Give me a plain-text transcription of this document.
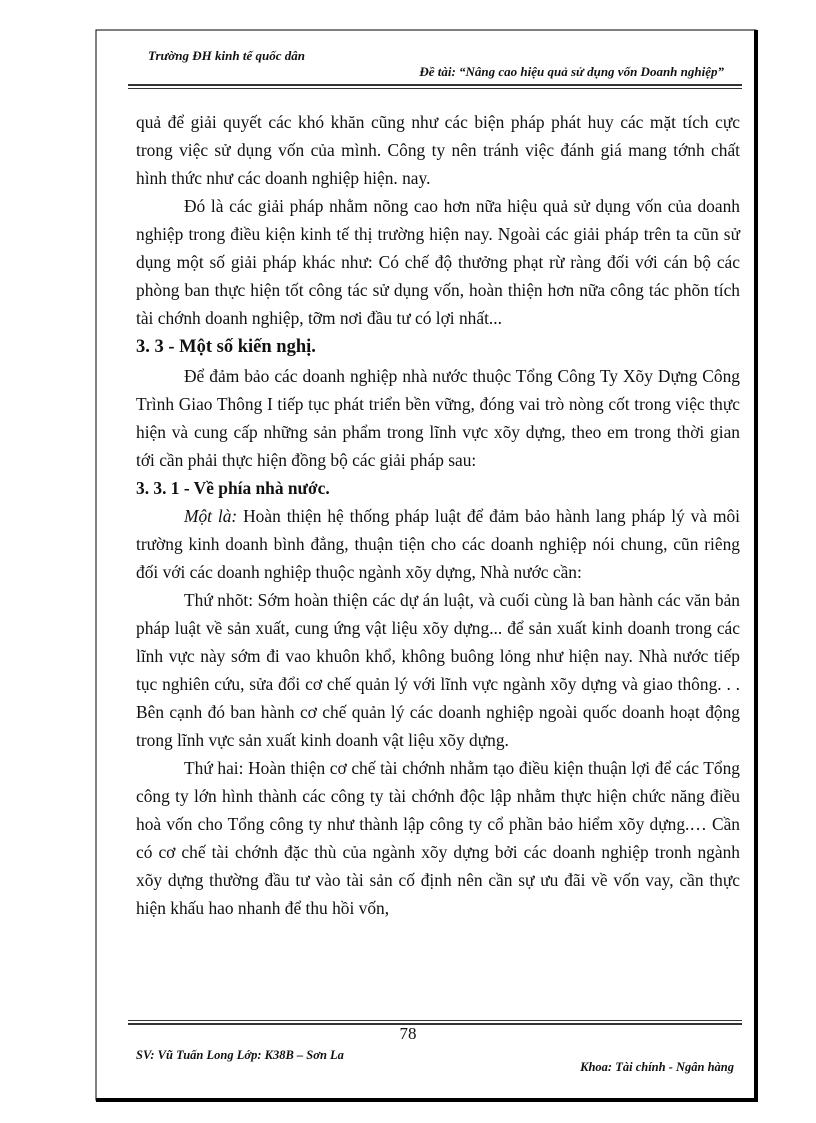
Trường ĐH kinh tế quốc dân
Đề tài: “Nâng cao hiệu quả sử dụng vốn Doanh nghiệp”

quả để giải quyết các khó khăn cũng như các biện pháp phát huy các mặt tích cực trong việc sử dụng vốn của mình. Công ty nên tránh việc đánh giá mang tớnh chất hình thức như các doanh nghiệp hiện. nay.

Đó là các giải pháp nhằm nõng cao hơn nữa hiệu quả sử dụng vốn của doanh nghiệp trong điều kiện kinh tế thị trường hiện nay. Ngoài các giải pháp trên ta cũn sử dụng một số giải pháp khác như: Có chế độ thưởng phạt rừ ràng đối với cán bộ các phòng ban thực hiện tốt công tác sử dụng vốn, hoàn thiện hơn nữa công tác phõn tích tài chớnh doanh nghiệp, tỡm nơi đầu tư có lợi nhất...

3. 3 - Một số kiến nghị.

Để đảm bảo các doanh nghiệp nhà nước thuộc Tổng Công Ty Xõy Dựng Công Trình Giao Thông I tiếp tục phát triển bền vững, đóng vai trò nòng cốt trong việc thực hiện và cung cấp những sản phẩm trong lĩnh vực xõy dựng, theo em trong thời gian tới cần phải thực hiện đồng bộ các giải pháp sau:

3. 3. 1 - Về phía nhà nước.

Một là: Hoàn thiện hệ thống pháp luật để đảm bảo hành lang pháp lý và môi trường kinh doanh bình đẳng, thuận tiện cho các doanh nghiệp nói chung, cũn riêng đối với các doanh nghiệp thuộc ngành xõy dựng, Nhà nước cần:

Thứ nhõt: Sớm hoàn thiện các dự án luật, và cuối cùng là ban hành các văn bản pháp luật về sản xuất, cung ứng vật liệu xõy dựng... để sản xuất kinh doanh trong các lĩnh vực này sớm đi vao khuôn khổ, không buông lỏng như hiện nay. Nhà nước tiếp tục nghiên cứu, sửa đổi cơ chế quản lý với lĩnh vực ngành xõy dựng và giao thông. . . Bên cạnh đó ban hành cơ chế quản lý các doanh nghiệp ngoài quốc doanh hoạt động trong lĩnh vực sản xuất kinh doanh vật liệu xõy dựng.

Thứ hai: Hoàn thiện cơ chế tài chớnh nhằm tạo điều kiện thuận lợi để các Tổng công ty lớn hình thành các công ty tài chớnh độc lập nhằm thực hiện chức năng điều hoà vốn cho Tổng công ty như thành lập công ty cổ phần bảo hiểm xõy dựng.… Cần có cơ chế tài chớnh đặc thù của ngành xõy dựng bởi các doanh nghiệp tronh ngành xõy dựng thường đầu tư vào tài sản cố định nên cần sự ưu đãi về vốn vay, cần thực hiện khấu hao nhanh để thu hồi vốn,

78
SV: Vũ Tuấn Long Lớp: K38B – Sơn La
Khoa: Tài chính - Ngân hàng
